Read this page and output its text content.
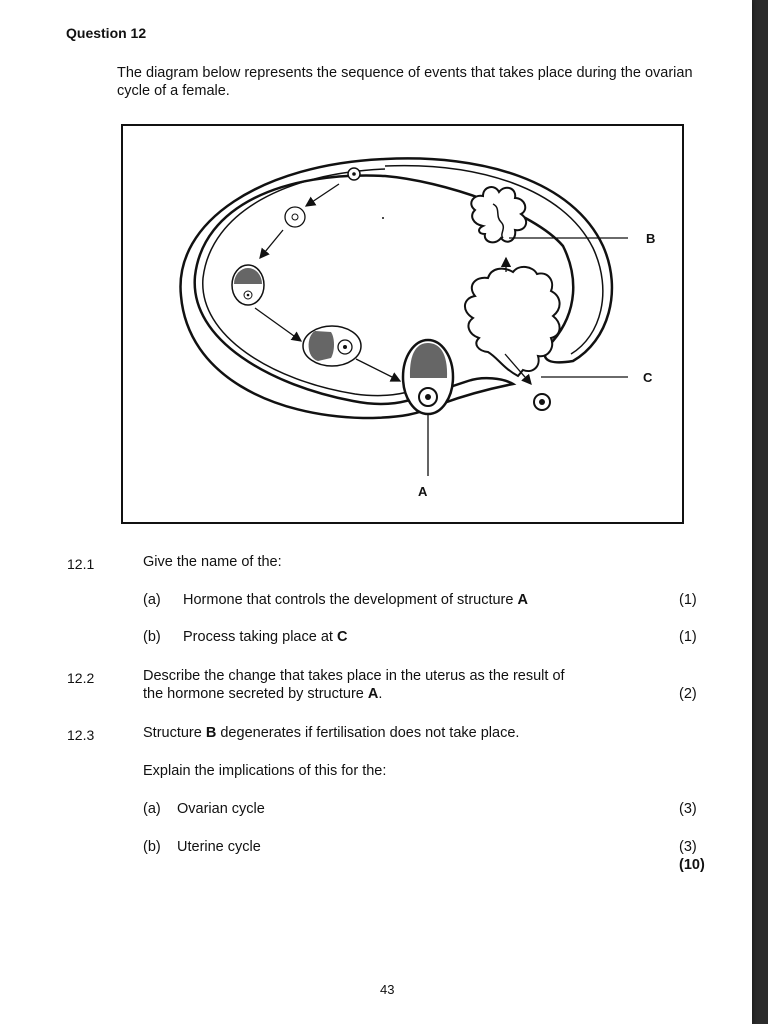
Question 12
The diagram below represents the sequence of events that takes place during the ovarian cycle of a female.
B
C
A
12.1	Give the name of the:
(a) Hormone that controls the development of structure A	(1)
(b) Process taking place at C	(1)
12.2	Describe the change that takes place in the uterus as the result of
the hormone secreted by structure A.	(2)
12.3	Structure B degenerates if fertilisation does not take place.
Explain the implications of this for the:
(a) Ovarian cycle	(3)
(b) Uterine cycle	(3)
(10)
43
